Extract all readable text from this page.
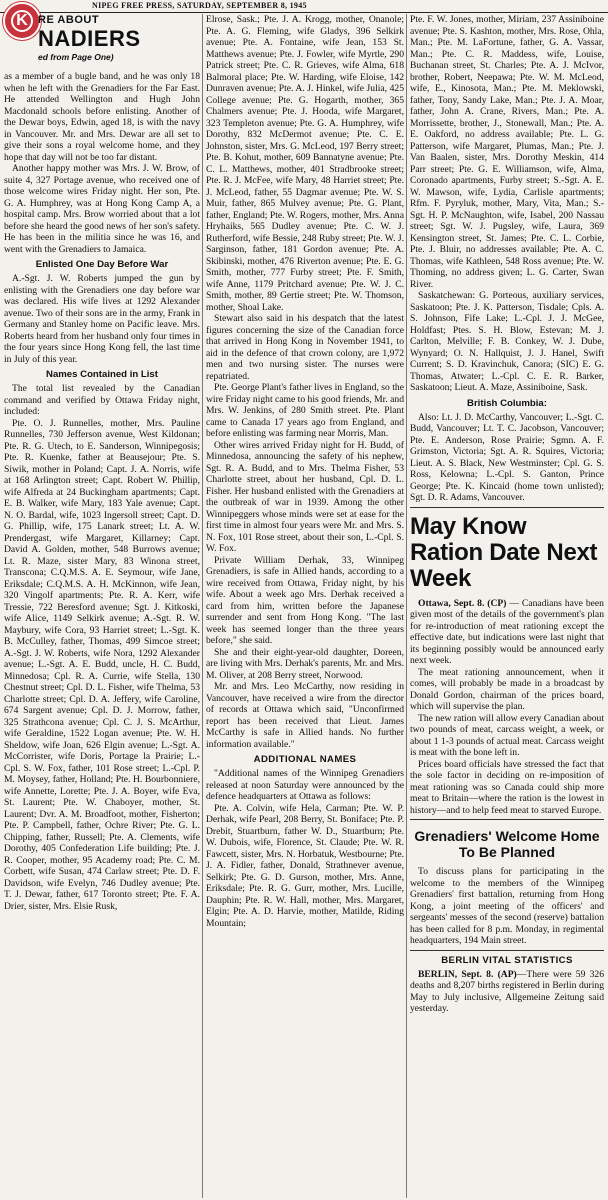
NIPEG FREE PRESS, SATURDAY, SEPTEMBER 8, 1945
K RE ABOUT
NADIERS
ed from Page One)

as a member of a bugle band, and he was only 18 when he left with the Grenadiers for the Far East. He attended Wellington and Hugh John Macdonald schools before enlisting. Another of the Dewar boys, Edwin, aged 18, is with the navy in Vancouver. Mr. and Mrs. Dewar are all set to give their sons a royal welcome home, and they hope that day will not be too far distant.

Another happy mother was Mrs. J. W. Brow, of suite 4, 327 Portage avenue, who received one of those welcome wires Friday night. Her son, Pte. G. A. Humphrey, was at Hong Kong Camp A, a hospital camp. Mrs. Brow worried about that a lot before she heard the good news of her son's safety. He has been in the militia since he was 16, and went with the Grenadiers to Jamaica.

Enlisted One Day Before War

A.-Sgt. J. W. Roberts jumped the gun by enlisting with the Grenadiers one day before war was declared. His wife lives at 1292 Alexander avenue. Two of their sons are in the army, Frank in Germany and Stanley home on Pacific leave. Mrs. Roberts heard from her husband only four times in the four years since Hong Kong fell, the last time in July of this year.

Names Contained in List

The total list revealed by the Canadian command and verified by Ottawa Friday night, included:

Pte. O. J. Runnelles, mother, Mrs. Pauline Runnelles, 730 Jefferson avenue, West Kildonan; Pte. R. G. Utech, to E. Sanderson, Winnipegosis; Pte. R. Kuenke, father at Beausejour; Pte. S. Siwik, mother in Poland; Capt. J. A. Norris, wife at 168 Arlington street; Capt. Robert W. Phillip, wife Alfreda at 24 Buckingham apartments; Capt. E. B. Walker, wife Mary, 183 Yale avenue; Capt. N. O. Bardal, wife, 1023 Ingersoll street; Capt. D. G. Phillip, wife, 175 Lanark street; Lt. A. W. Prendergast, wife Margaret, Killarney; Capt. David A. Golden, mother, 548 Burrows avenue; Lt. R. Maze, sister Mary, 83 Winona street, Transcona; C.Q.M.S. A. E. Seymour, wife Jane, Eriksdale; C.Q.M.S. A. H. McKinnon, wife Jean, 320 Vingolf apartments; Pte. R. A. Kerr, wife Tressie, 722 Beresford avenue; Sgt. J. Kitkoski, wife Alice, 1149 Selkirk avenue; A.-Sgt. R. W. Maybury, wife Cora, 93 Harriet street; L.-Sgt. K. B. McCulley, father, Thomas, 499 Simcoe street; A.-Sgt. J. W. Roberts, wife Nora, 1292 Alexander avenue; L.-Sgt. A. E. Budd, uncle, H. C. Budd, Minnedosa; Cpl. R. A. Currie, wife Stella, 130 Chestnut street; Cpl. D. L. Fisher, wife Thelma, 53 Charlotte street; Cpl. D. A. Jeffery, wife Caroline, 674 Sargent avenue; Cpl. D. J. Morrow, father, 325 Strathcona avenue; Cpl. C. J. S. McArthur, wife Geraldine, 1522 Logan avenue; Pte. W. H. Sheldow, wife Joan, 626 Elgin avenue; L.-Sgt. A. McCorrister, wife Doris, Portage la Prairie; L.-Cpl. S. W. Fox, father, 101 Rose street; L.-Cpl. P. M. Moysey, father, Holland; Pte. H. Bourbonniere, wife Annette, Lorette; Pte. J. A. Boyer, wife Eva, St. Laurent; Pte. W. Chaboyer, mother, St. Laurent; Dvr. A. M. Broadfoot, mother, Fisherton; Pte. P. Campbell, father, Ochre River; Pte. G. L. Chipping, father, Russell; Pte. A. Clements, wife Dorothy, 405 Confederation Life building; Pte. J. R. Cooper, mother, 95 Academy road; Pte. C. M. Corbett, wife Susan, 474 Carlaw street; Pte. D. F. Davidson, wife Evelyn, 746 Dudley avenue; Pte. T. J. Dewar, father, 617 Toronto street; Pte. F. A. Drier, sister, Mrs. Elsie Rusk,

Elrose, Sask.; Pte. J. A. Krogg, mother, Onanole; Pte. A. G. Fleming, wife Gladys, 396 Selkirk avenue; Pte. A. Fontaine, wife Jean, 153 St. Matthews avenue; Pte. J. Fowler, wife Myrtle, 290 Patrick street; Pte. C. R. Grieves, wife Alma, 618 Balmoral place; Pte. W. Harding, wife Eloise, 142 Dunraven avenue; Pte. A. J. Hinkel, wife Julia, 425 College avenue; Pte. G. Hogarth, mother, 365 Chalmers avenue; Pte. J. Hooda, wife Margaret, 323 Templeton avenue; Pte. G. A. Humphrey, wife Dorothy, 832 McDermot avenue; Pte. C. E. Johnston, sister, Mrs. G. McLeod, 197 Berry street; Pte. B. Kohut, mother, 609 Bannatyne avenue; Pte. C. L. Matthews, mother, 401 Stradbrooke street; Pte. R. J. McFee, wife Mary, 48 Harriet street; Pte. J. McLeod, father, 55 Dagmar avenue; Pte. W. S. Muir, father, 865 Mulvey avenue; Pte. G. Plant, father, England; Pte. W. Rogers, mother, Mrs. Anna Hryhaiks, 565 Dudley avenue; Pte. C. W. J. Rutherford, wife Bessie, 248 Ruby street; Pte. W. J. Sarginson, father, 181 Gordon avenue; Pte. A. Skibinski, mother, 476 Riverton avenue; Pte. E. G. Smith, mother, 777 Furby street; Pte. F. Smith, wife Anne, 1179 Pritchard avenue; Pte. W. J. C. Smith, mother, 89 Gertie street; Pte. W. Thomson, mother, Shoal Lake.

Stewart also said in his despatch that the latest figures concerning the size of the Canadian force that arrived in Hong Kong in November 1941, to aid in the defence of that crown colony, are 1,972 men and two nursing sister. The nurses were repatriated.

Pte. George Plant's father lives in England, so the wire Friday night came to his good friends, Mr. and Mrs. W. Jenkins, of 280 Smith street. Pte. Plant came to Canada 17 years ago from England, and before enlisting was farming near Morris, Man.

Other wires arrived Friday night for H. Budd, of Minnedosa, announcing the safety of his nephew, Sgt. R. A. Budd, and to Mrs. Thelma Fisher, 53 Charlotte street, about her husband, Cpl. D. L. Fisher. Her husband enlisted with the Grenadiers at the outbreak of war in 1939. Among the other Winnipeggers whose minds were set at ease for the first time in almost four years were Mr. and Mrs. S. N. Fox, 101 Rose street, about their son, L.-Cpl. S. W. Fox.

Private William Derhak, 33, Winnipeg Grenadiers, is safe in Allied hands, according to a wire received from Ottawa, Friday night, by his wife. About a week ago Mrs. Derhak received a card from him, written before the Japanese surrender and sent from Hong Kong. "The last week has seemed longer than the three years before," she said.

She and their eight-year-old daughter, Doreen, are living with Mrs. Derhak's parents, Mr. and Mrs. M. Oliver, at 208 Berry street, Norwood.

Mr. and Mrs. Leo McCarthy, now residing in Vancouver, have received a wire from the director of records at Ottawa which said, "Unconfirmed report has been received that Lieut. James McCarthy is safe in Allied hands. No further information available."

ADDITIONAL NAMES

"Additional names of the Winnipeg Grenadiers released at noon Saturday were announced by the defence headquarters at Ottawa as follows:

Pte. A. Colvin, wife Hela, Carman; Pte. W. P. Derhak, wife Pearl, 208 Berry, St. Boniface; Pte. P. Drebit, Stuartburn, father W. D., Stuartburn; Pte. W. Dubois, wife, Florence, St. Claude; Pte. W. R. Fawcett, sister, Mrs. N. Horbatuk, Westbourne; Pte. J. A. Fidler, father, Donald, Strathnever avenue, Selkirk; Pte. G. D. Gurson, mother, Mrs. Anne, Eriksdale; Pte. R. G. Gurr, mother, Mrs. Lucille, Dauphin; Pte. R. W. Hall, mother, Mrs. Margaret, Elgin; Pte. A. D. Harvie, mother, Matilde, Riding Mountain;

Pte. F. W. Jones, mother, Miriam, 237 Assiniboine avenue; Pte. S. Kashton, mother, Mrs. Rose, Ohla, Man.; Pte. M. LaFortune, father, G. A. Vassar, Man.; Pte. C. R. Maddess, wife, Louise, Buchanan street, St. Charles; Pte. A. J. McIvor, brother, Robert, Neepawa; Pte. W. M. McLeod, wife, E., Kinosota, Man.; Pte. M. Meklowski, father, Tony, Sandy Lake, Man.; Pte. J. A. Moar, father, John A. Crane, Rivers, Man.; Pte. A. Morrissette, brother, J., Stonewall, Man.; Pte. A. E. Oakford, no address available; Pte. L. G. Patterson, wife Margaret, Plumas, Man.; Pte. J. Van Baalen, sister, Mrs. Dorothy Meskin, 414 Parr street; Pte. G. E. Williamson, wife, Alma, Coronado apartments, Furby street; S.-Sgt. A. E. W. Mawson, wife, Lydia, Carlisle apartments; Rfm. F. Pyryluk, mother, Mary, Vita, Man.; S.-Sgt. H. P. McNaughton, wife, Isabel, 200 Nassau street; Sgt. W. J. Pugsley, wife, Laura, 369 Kensington street, St. James; Pte. C. L. Corbie, Pte. J. Bluir, no addresses available; Pte. A. C. Thomas, wife Kathleen, 548 Ross avenue; Pte. W. Thoming, no address given; L. G. Carter, Swan River.

Saskatchewan: G. Porteous, auxiliary services, Saskatoon; Pte. J. K. Patterson, Tisdale; Cpls. A. S. Johnson, Fife Lake; L.-Cpl. J. J. McGee, Holdfast; Ptes. S. H. Blow, Estevan; M. J. Carlton, Melville; F. B. Conkey, W. J. Dube, Wynyard; O. N. Hallquist, J. J. Hanel, Swift Current; S. D. Kravinchuk, Canora; (SIC) E. G. Thomas, Atwater; L.-Cpl. C. E. R. Barker, Saskatoon; Lieut. A. Maze, Assiniboine, Sask.

British Columbia:

Also: Lt. J. D. McCarthy, Vancouver; L.-Sgt. C. Budd, Vancouver; Lt. T. C. Jacobson, Vancouver; Pte. E. Anderson, Rose Prairie; Sgmn. A. F. Grimston, Victoria; Sgt. A. R. Squires, Victoria; Lieut. A. S. Black, New Westminster; Cpl. G. S. Ross, Kelowna; L.-Cpl. S. Ganton, Prince George; Pte. K. Kincaid (home town unlisted); Sgt. D. R. Adams, Vancouver.

May Know Ration Date Next Week

Ottawa, Sept. 8. (CP) — Canadians have been given most of the details of the government's plan for re-introduction of meat rationing except the effective date, but indications were last night that its beginning possibly would be announced early next week.

The meat rationing announcement, when it comes, will probably be made in a broadcast by Donald Gordon, chairman of the prices board, which will supervise the plan.

The new ration will allow every Canadian about two pounds of meat, carcass weight, a week, or about 1 1-3 pounds of actual meat. Carcass weight is meat with the bone left in.

Prices board officials have stressed the fact that the sole factor in deciding on re-imposition of meat rationing was so Canada could ship more meat to Britain—where the ration is the lowest in history—and to help feed meat to starved Europe.

Grenadiers' Welcome Home To Be Planned

To discuss plans for participating in the welcome to the members of the Winnipeg Grenadiers' first battalion, returning from Hong Kong, a joint meeting of the officers' and sergeants' messes of the second (reserve) battalion has been called for 8 p.m. Monday, in regimental headquarters, 194 Main street.

BERLIN VITAL STATISTICS

BERLIN, Sept. 8. (AP)—There were 59 326 deaths and 8,207 births registered in Berlin during May to July inclusive, Allgemeine Zeitung said yesterday.
